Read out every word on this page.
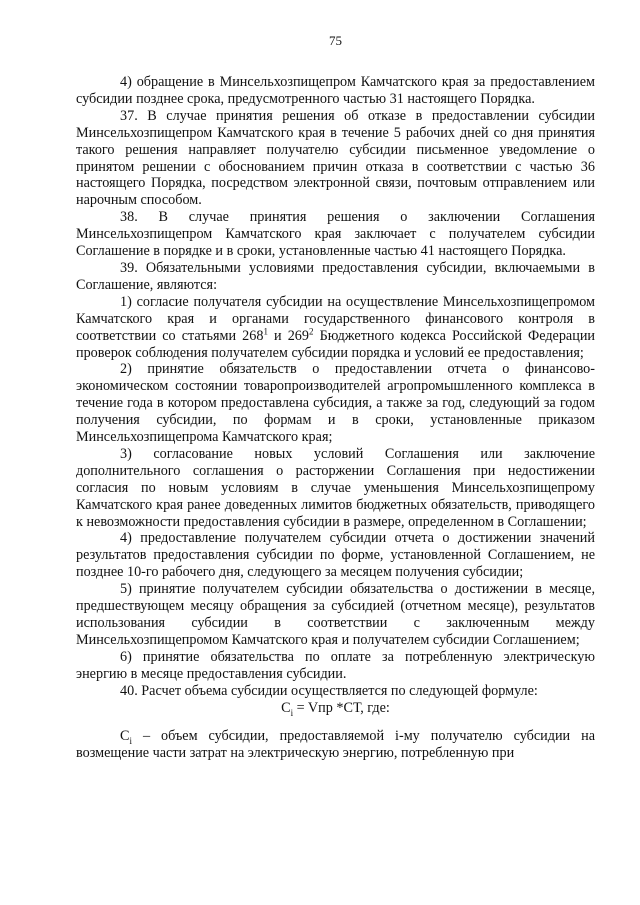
75

4) обращение в Минсельхозпищепром Камчатского края за предоставлением субсидии позднее срока, предусмотренного частью 31 настоящего Порядка.

37. В случае принятия решения об отказе в предоставлении субсидии Минсельхозпищепром Камчатского края в течение 5 рабочих дней со дня принятия такого решения направляет получателю субсидии письменное уведомление о принятом решении с обоснованием причин отказа в соответствии с частью 36 настоящего Порядка, посредством электронной связи, почтовым отправлением или нарочным способом.

38. В случае принятия решения о заключении Соглашения Минсельхозпищепром Камчатского края заключает с получателем субсидии Соглашение в порядке и в сроки, установленные частью 41 настоящего Порядка.

39. Обязательными условиями предоставления субсидии, включаемыми в Соглашение, являются:

1) согласие получателя субсидии на осуществление Минсельхозпищепромом Камчатского края и органами государственного финансового контроля в соответствии со статьями $268^1$ и $269^2$ Бюджетного кодекса Российской Федерации проверок соблюдения получателем субсидии порядка и условий ее предоставления;

2) принятие обязательств о предоставлении отчета о финансово-экономическом состоянии товаропроизводителей агропромышленного комплекса в течение года в котором предоставлена субсидия, а также за год, следующий за годом получения субсидии, по формам и в сроки, установленные приказом Минсельхозпищепрома Камчатского края;

3) согласование новых условий Соглашения или заключение дополнительного соглашения о расторжении Соглашения при недостижении согласия по новым условиям в случае уменьшения Минсельхозпищепрому Камчатского края ранее доведенных лимитов бюджетных обязательств, приводящего к невозможности предоставления субсидии в размере, определенном в Соглашении;

4) предоставление получателем субсидии отчета о достижении значений результатов предоставления субсидии по форме, установленной Соглашением, не позднее 10-го рабочего дня, следующего за месяцем получения субсидии;

5) принятие получателем субсидии обязательства о достижении в месяце, предшествующем месяцу обращения за субсидией (отчетном месяце), результатов использования субсидии в соответствии с заключенным между Минсельхозпищепромом Камчатского края и получателем субсидии Соглашением;

6) принятие обязательства по оплате за потребленную электрическую энергию в месяце предоставления субсидии.

40. Расчет объема субсидии осуществляется по следующей формуле:

$C_i$ = Vпр *СТ, где:

$C_i$ – объем субсидии, предоставляемой i-му получателю субсидии на возмещение части затрат на электрическую энергию, потребленную при
